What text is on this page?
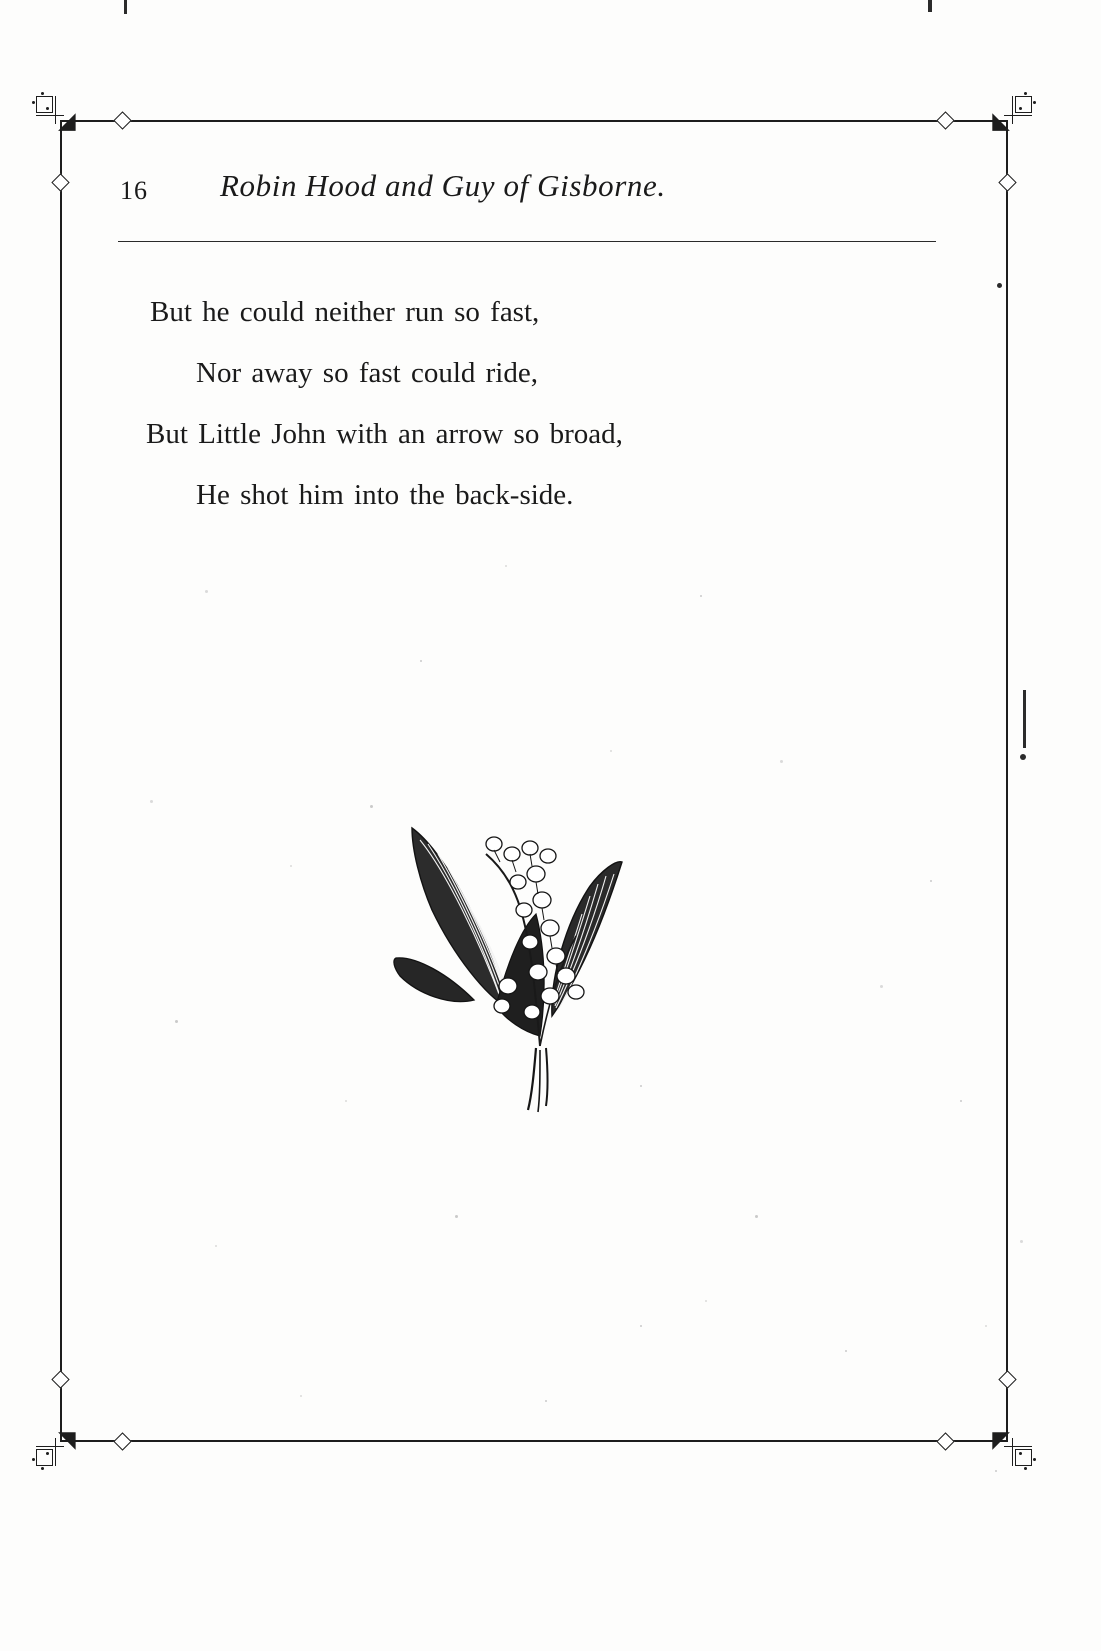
◢	◣
◥	◤
16 Robin Hood and Guy of Gisborne.
But he could neither run so fast,
Nor away so fast could ride,
But Little John with an arrow so broad,
He shot him into the back-side.
